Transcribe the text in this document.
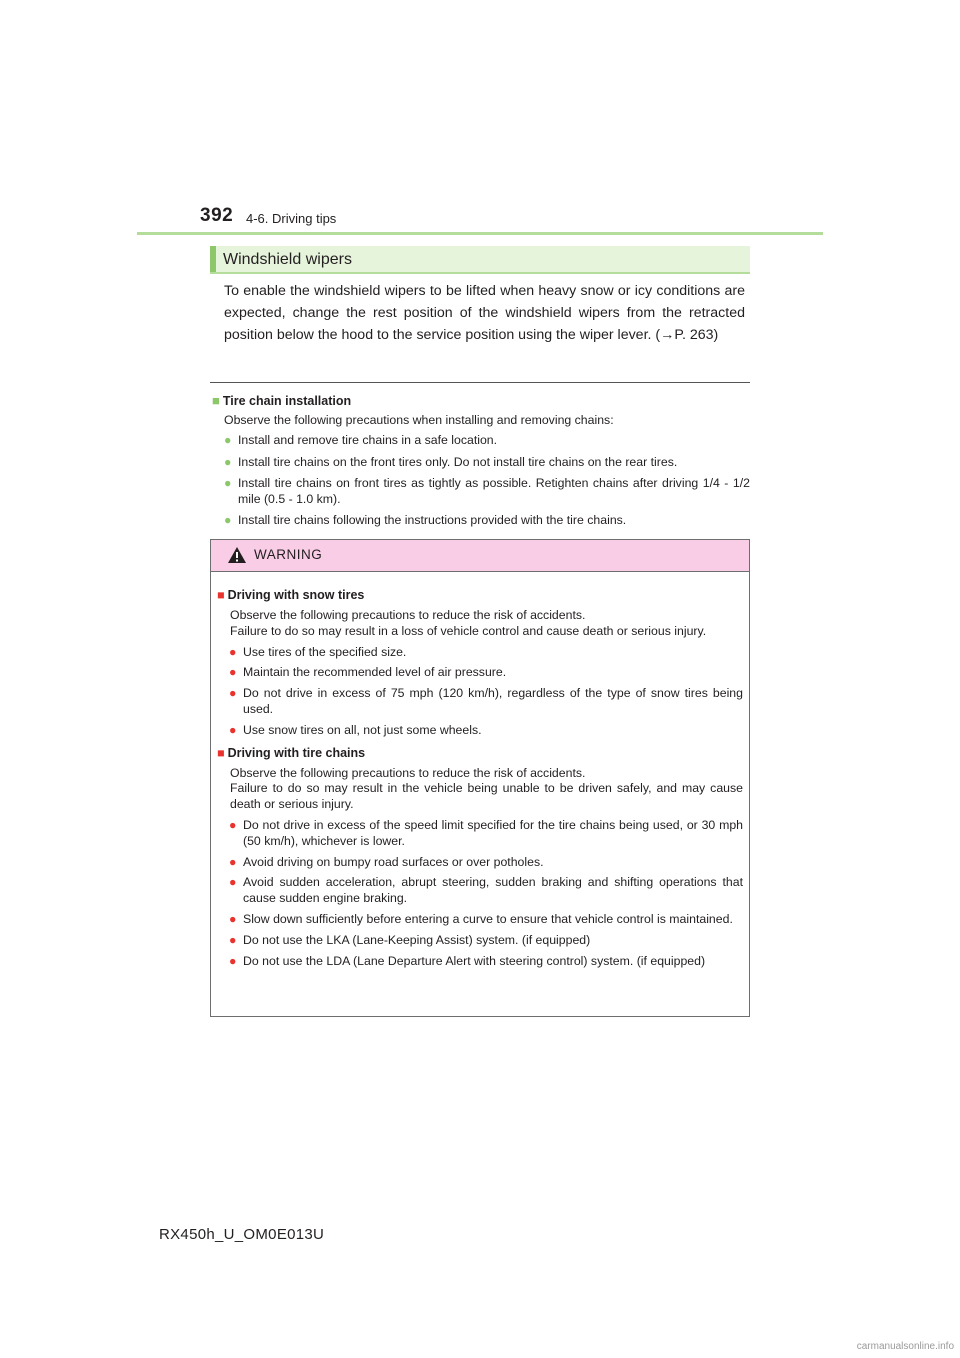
392 4-6. Driving tips
Windshield wipers

To enable the windshield wipers to be lifted when heavy snow or icy conditions are expected, change the rest position of the windshield wipers from the retracted position below the hood to the service position using the wiper lever. (→P. 263)

■ Tire chain installation
Observe the following precautions when installing and removing chains:
● Install and remove tire chains in a safe location.
● Install tire chains on the front tires only. Do not install tire chains on the rear tires.
● Install tire chains on front tires as tightly as possible. Retighten chains after driving 1/4 - 1/2 mile (0.5 - 1.0 km).
● Install tire chains following the instructions provided with the tire chains.
WARNING
■ Driving with snow tires
Observe the following precautions to reduce the risk of accidents.
Failure to do so may result in a loss of vehicle control and cause death or serious injury.
● Use tires of the specified size.
● Maintain the recommended level of air pressure.
● Do not drive in excess of 75 mph (120 km/h), regardless of the type of snow tires being used.
● Use snow tires on all, not just some wheels.
■ Driving with tire chains
Observe the following precautions to reduce the risk of accidents.
Failure to do so may result in the vehicle being unable to be driven safely, and may cause death or serious injury.
● Do not drive in excess of the speed limit specified for the tire chains being used, or 30 mph (50 km/h), whichever is lower.
● Avoid driving on bumpy road surfaces or over potholes.
● Avoid sudden acceleration, abrupt steering, sudden braking and shifting operations that cause sudden engine braking.
● Slow down sufficiently before entering a curve to ensure that vehicle control is maintained.
● Do not use the LKA (Lane-Keeping Assist) system. (if equipped)
● Do not use the LDA (Lane Departure Alert with steering control) system. (if equipped)
RX450h_U_OM0E013U
carmanualsonline.info
